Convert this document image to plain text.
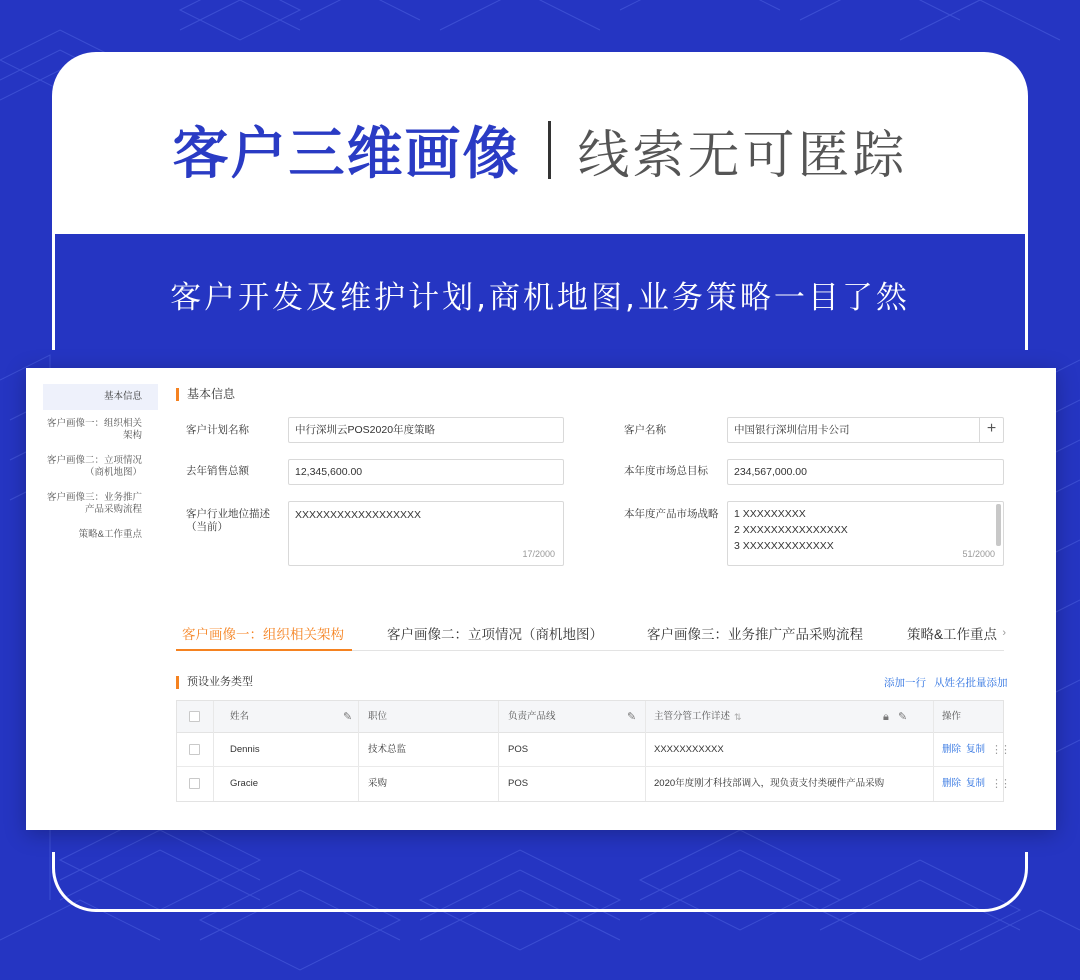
客户三维画像 线索无可匿踪
客户开发及维护计划,商机地图,业务策略一目了然
基本信息
客户画像一：组织相关架构
客户画像二：立项情况（商机地图）
客户画像三：业务推广产品采购流程
策略&工作重点
基本信息
客户计划名称	中行深圳云POS2020年度策略	客户名称	中国银行深圳信用卡公司	+
去年销售总额	12,345,600.00	本年度市场总目标	234,567,000.00
客户行业地位描述（当前）
XXXXXXXXXXXXXXXXXX
17/2000
本年度产品市场战略 1 XXXXXXXXX
2 XXXXXXXXXXXXXXX
3 XXXXXXXXXXXXX
51/2000
客户画像一：组织相关架构	客户画像二：立项情况（商机地图）	客户画像三：业务推广产品采购流程	策略&工作重点 ›
预设业务类型	添加一行 从姓名批量添加
姓名	✎ 职位	负责产品线	✎ 主管分管工作详述 ⇅	🔒︎ ✎	操作
Dennis	技术总监	POS	XXXXXXXXXXX	删除 复制 ⋮⋮
Gracie	采购	POS	2020年度刚才科技部调入，现负责支付类硬件产品采购	删除 复制 ⋮⋮
